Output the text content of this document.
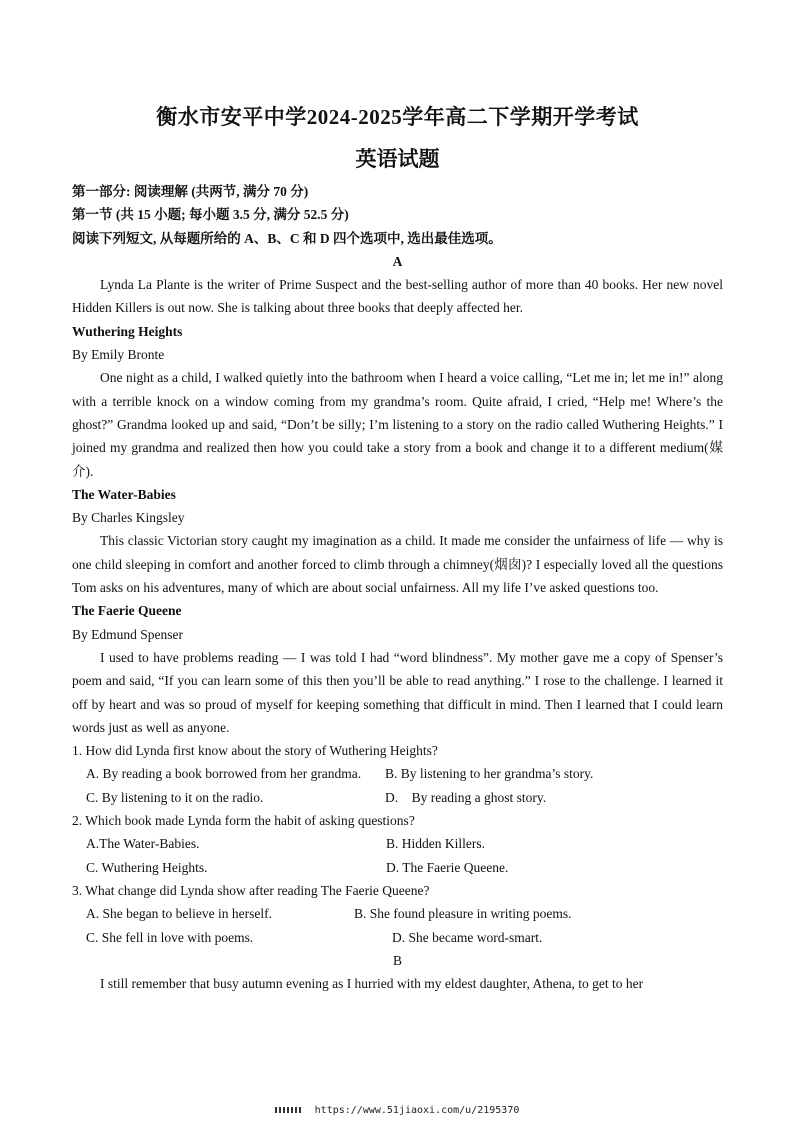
衡水市安平中学2024-2025学年高二下学期开学考试
英语试题

第一部分: 阅读理解 (共两节, 满分 70 分)

第一节 (共 15 小题; 每小题 3.5 分, 满分 52.5 分)

阅读下列短文, 从每题所给的 A、B、C 和 D 四个选项中, 选出最佳选项。

A

Lynda La Plante is the writer of Prime Suspect and the best-selling author of more than 40 books. Her new novel Hidden Killers is out now. She is talking about three books that deeply affected her.

Wuthering Heights

By Emily Bronte

One night as a child, I walked quietly into the bathroom when I heard a voice calling, “Let me in; let me in!” along with a terrible knock on a window coming from my grandma’s room. Quite afraid, I cried, “Help me! Where’s the ghost?” Grandma looked up and said, “Don’t be silly; I’m listening to a story on the radio called Wuthering Heights.” I joined my grandma and realized then how you could take a story from a book and change it to a different medium(媒介).

The Water-Babies

By Charles Kingsley

This classic Victorian story caught my imagination as a child. It made me consider the unfairness of life — why is one child sleeping in comfort and another forced to climb through a chimney(烟囱)? I especially loved all the questions Tom asks on his adventures, many of which are about social unfairness. All my life I’ve asked questions too.

The Faerie Queene

By Edmund Spenser

I used to have problems reading — I was told I had “word blindness”. My mother gave me a copy of Spenser’s poem and said, “If you can learn some of this then you’ll be able to read anything.” I rose to the challenge. I learned it off by heart and was so proud of myself for keeping something that difficult in mind. Then I learned that I could learn words just as well as anyone.

1. How did Lynda first know about the story of Wuthering Heights?

A. By reading a book borrowed from her grandma.	B. By listening to her grandma’s story.
C. By listening to it on the radio.	D.    By reading a ghost story.

2. Which book made Lynda form the habit of asking questions?

A.The Water-Babies.	B. Hidden Killers.
C. Wuthering Heights.	D. The Faerie Queene.

3. What change did Lynda show after reading The Faerie Queene?

A. She began to believe in herself.	B. She found pleasure in writing poems.
C. She fell in love with poems.	D. She became word-smart.

B

I still remember that busy autumn evening as I hurried with my eldest daughter, Athena, to get to her

https://www.51jiaoxi.com/u/2195370
